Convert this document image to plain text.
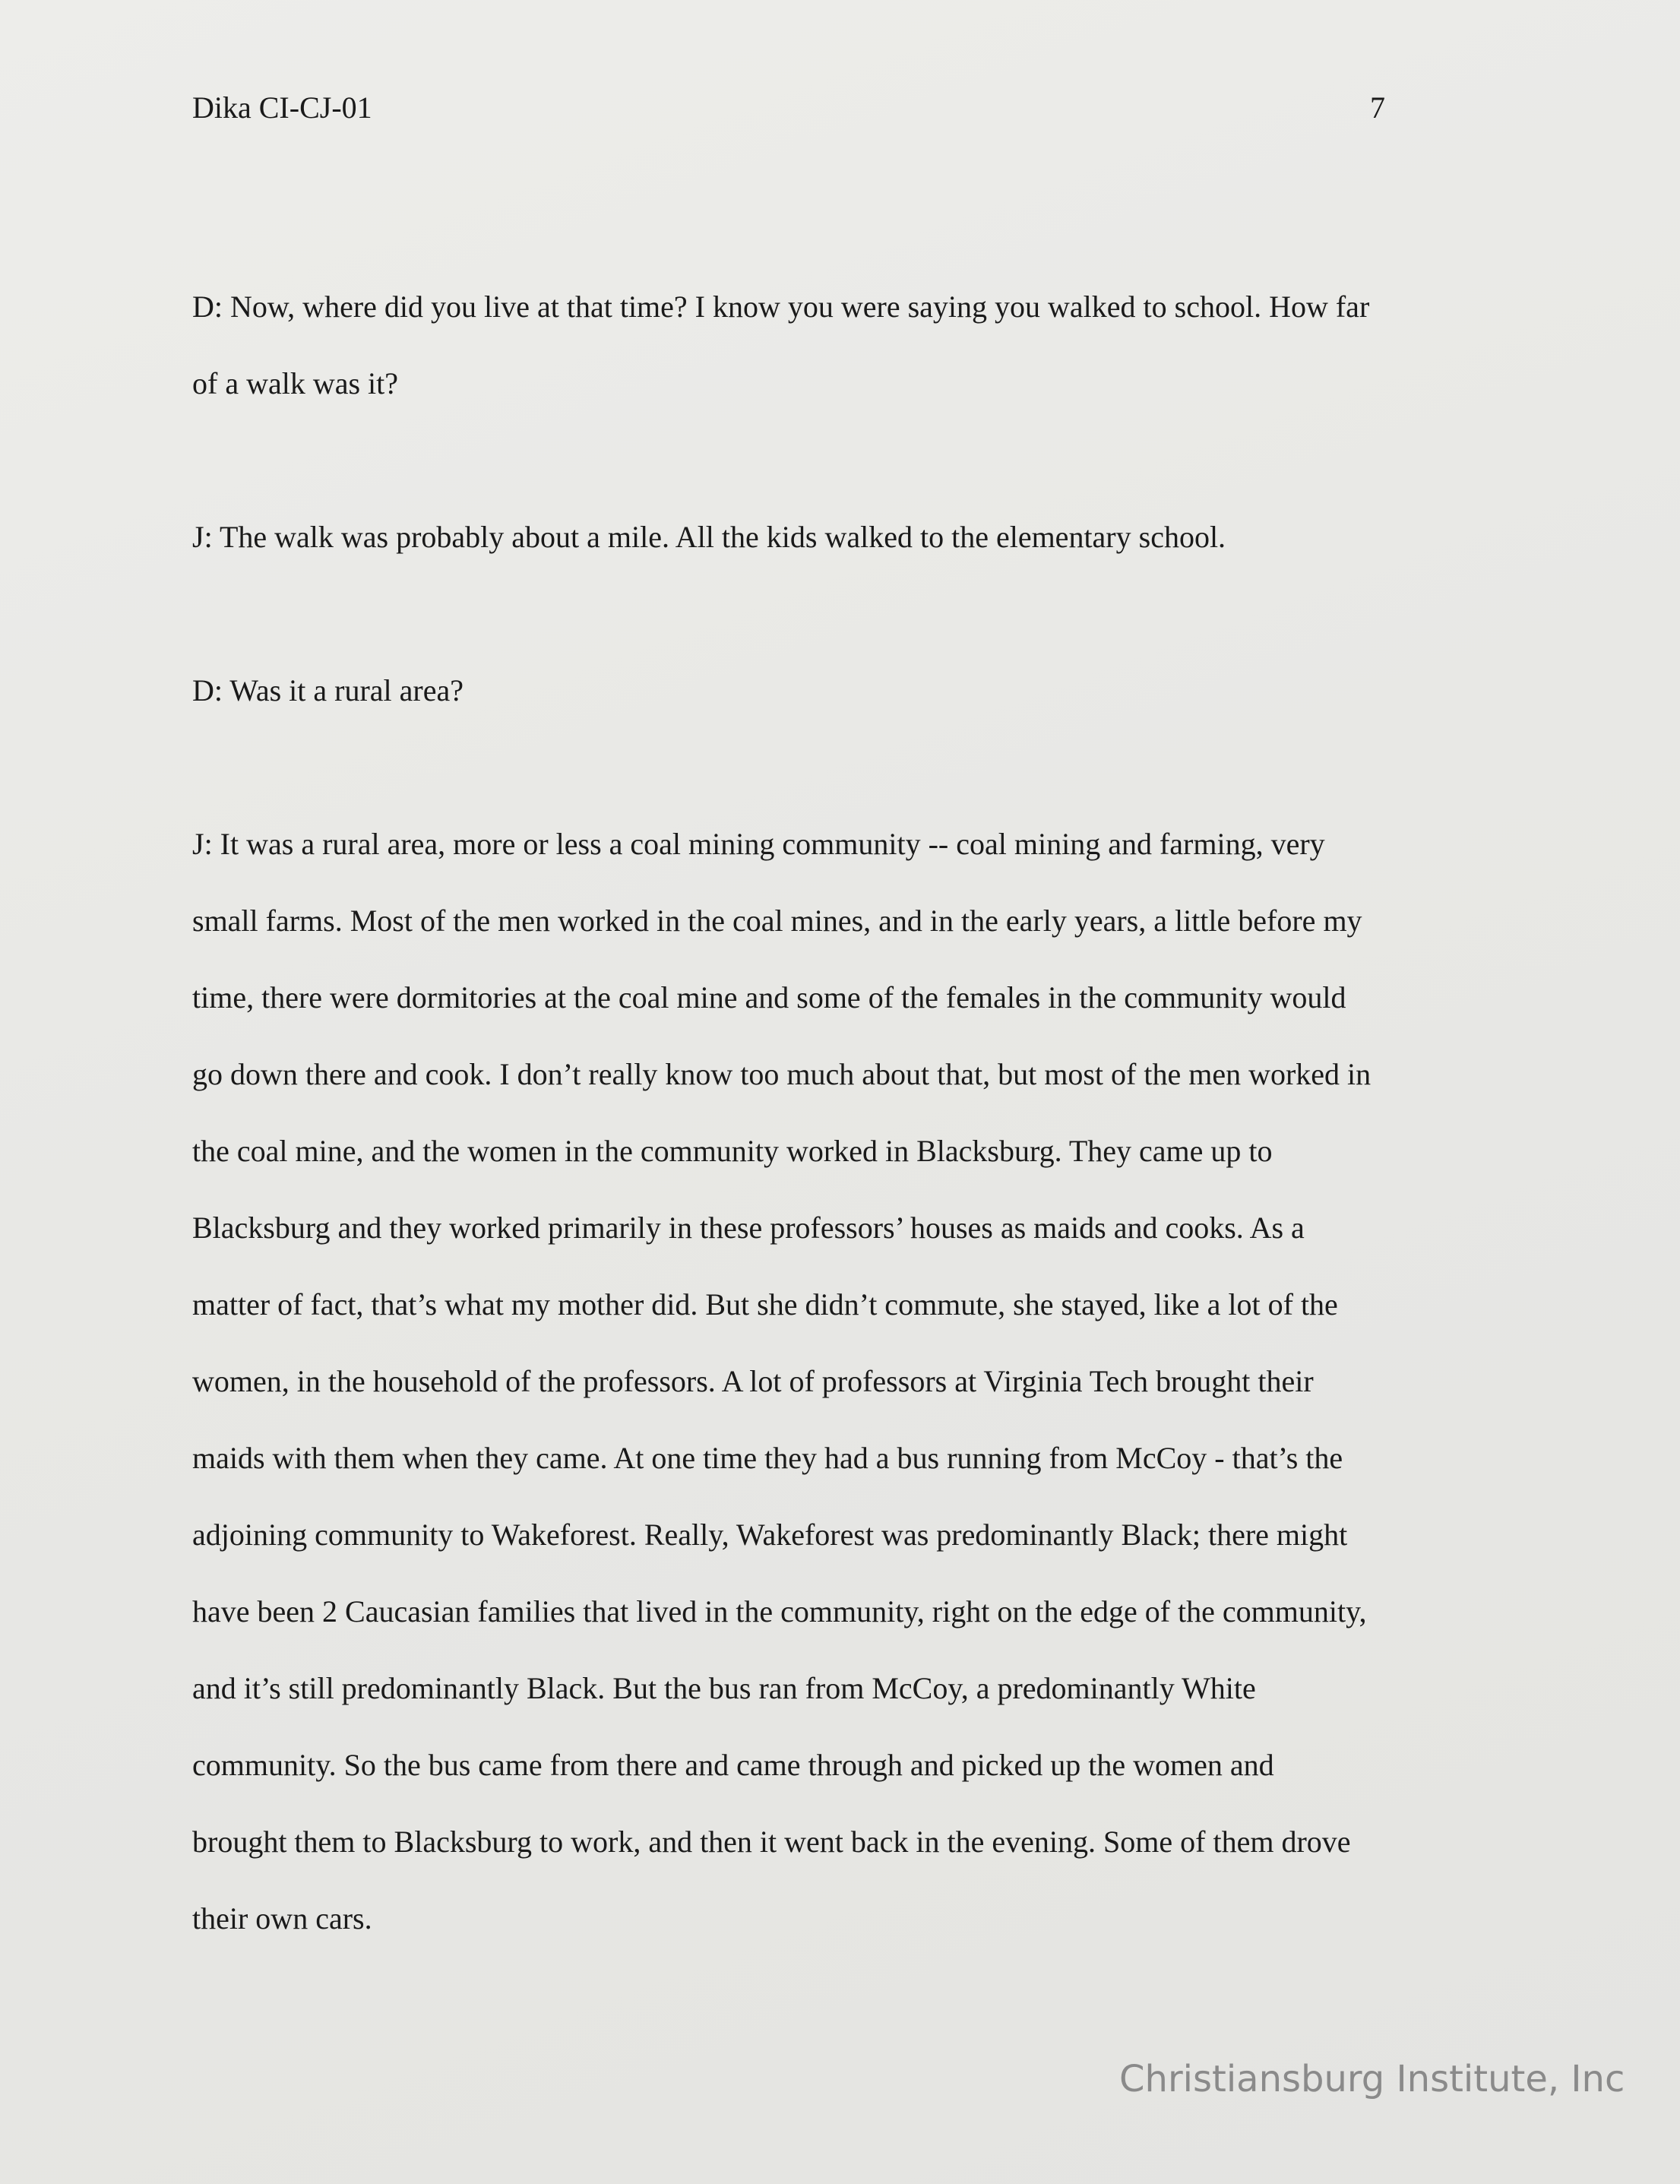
Dika CI-CJ-01	7

D: Now, where did you live at that time? I know you were saying you walked to school. How far
of a walk was it?

J: The walk was probably about a mile. All the kids walked to the elementary school.

D: Was it a rural area?

J: It was a rural area, more or less a coal mining community -- coal mining and farming, very
small farms. Most of the men worked in the coal mines, and in the early years, a little before my
time, there were dormitories at the coal mine and some of the females in the community would
go down there and cook. I don’t really know too much about that, but most of the men worked in
the coal mine, and the women in the community worked in Blacksburg. They came up to
Blacksburg and they worked primarily in these professors’ houses as maids and cooks. As a
matter of fact, that’s what my mother did. But she didn’t commute, she stayed, like a lot of the
women, in the household of the professors. A lot of professors at Virginia Tech brought their
maids with them when they came. At one time they had a bus running from McCoy - that’s the
adjoining community to Wakeforest. Really, Wakeforest was predominantly Black; there might
have been 2 Caucasian families that lived in the community, right on the edge of the community,
and it’s still predominantly Black. But the bus ran from McCoy, a predominantly White
community. So the bus came from there and came through and picked up the women and
brought them to Blacksburg to work, and then it went back in the evening. Some of them drove
their own cars.

Christiansburg Institute, Inc
